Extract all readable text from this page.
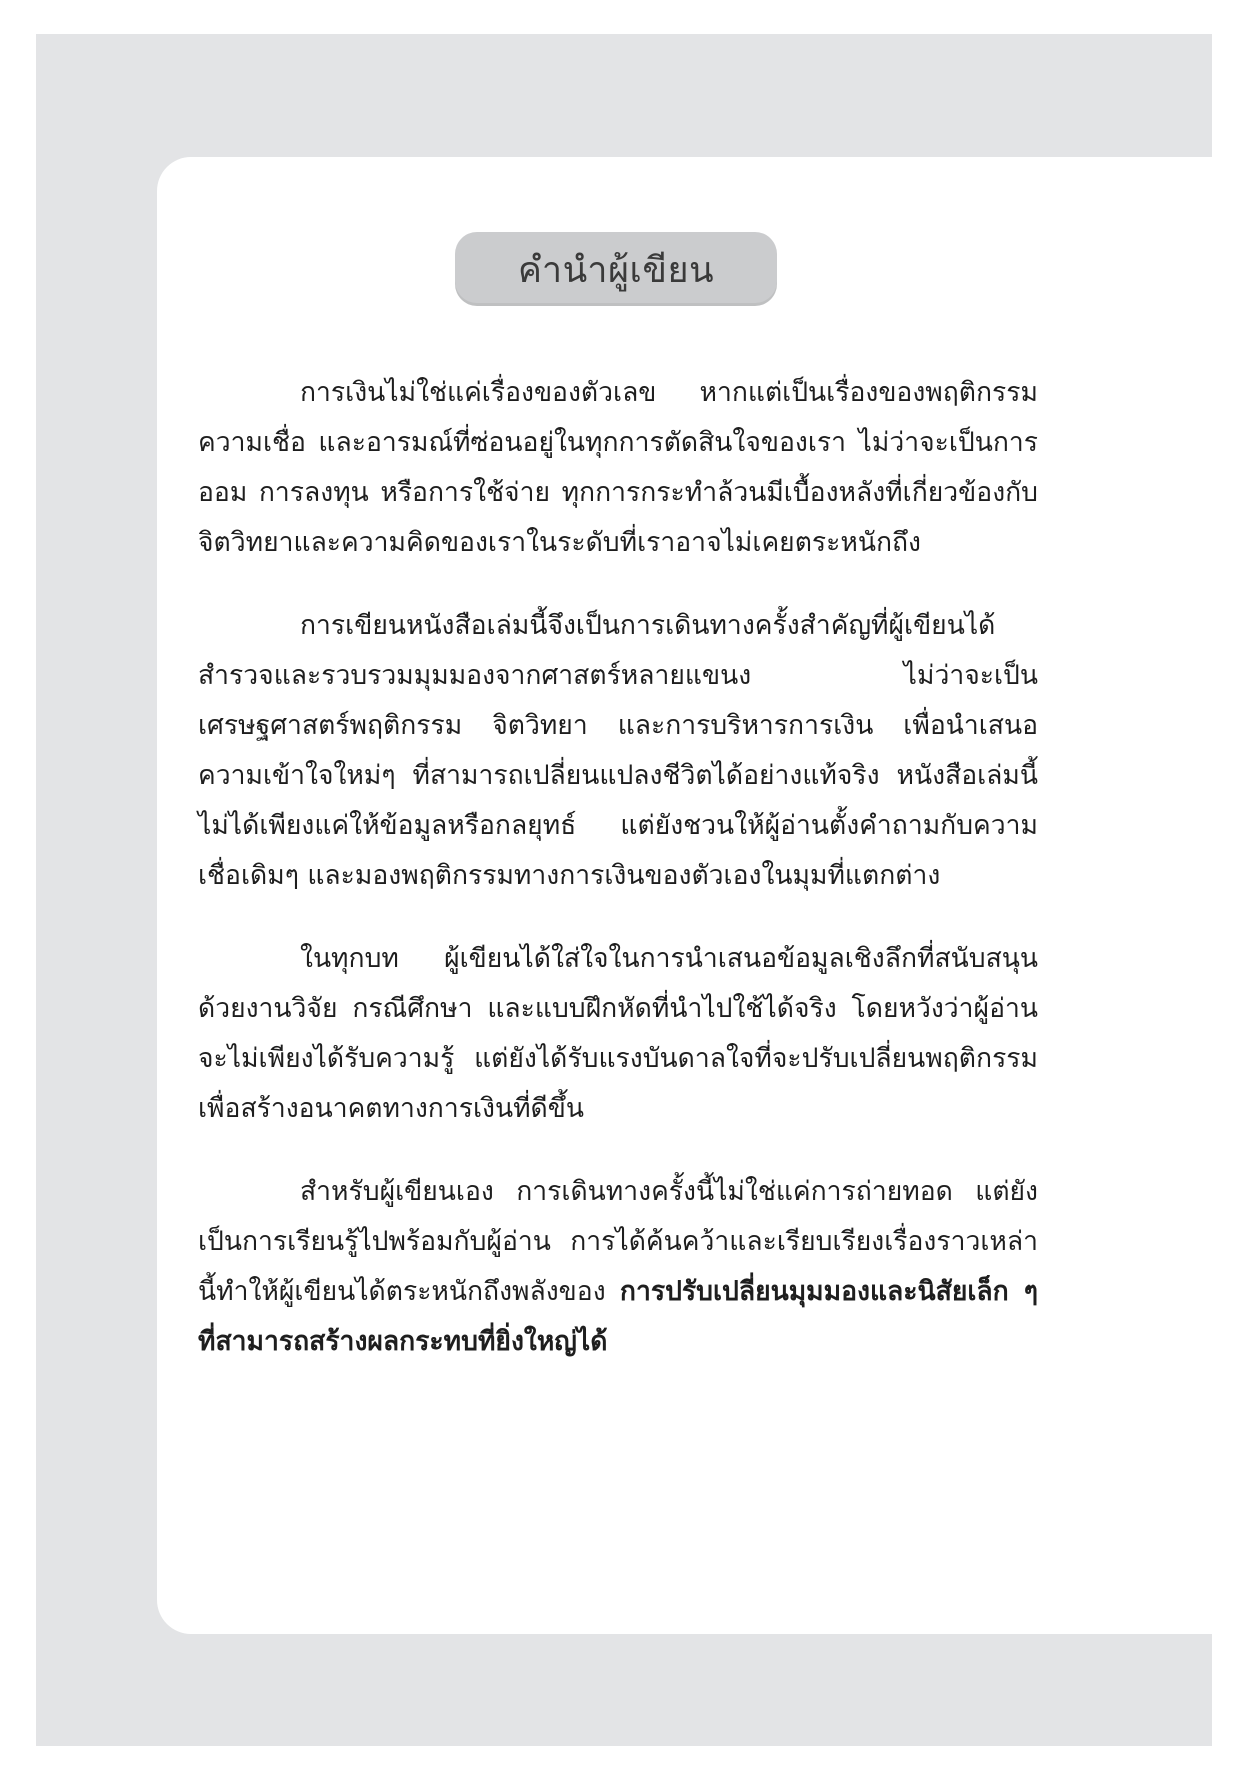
คำนำผู้เขียน

การเงินไม่ใช่แค่เรื่องของตัวเลข หากแต่เป็นเรื่องของพฤติกรรม ความเชื่อ และอารมณ์ที่ซ่อนอยู่ในทุกการตัดสินใจของเรา ไม่ว่าจะเป็นการออม การลงทุน หรือการใช้จ่าย ทุกการกระทำล้วนมีเบื้องหลังที่เกี่ยวข้องกับจิตวิทยาและความคิดของเราในระดับที่เราอาจไม่เคยตระหนักถึง

การเขียนหนังสือเล่มนี้จึงเป็นการเดินทางครั้งสำคัญที่ผู้เขียนได้สำรวจและรวบรวมมุมมองจากศาสตร์หลายแขนง ไม่ว่าจะเป็นเศรษฐศาสตร์พฤติกรรม จิตวิทยา และการบริหารการเงิน เพื่อนำเสนอความเข้าใจใหม่ๆ ที่สามารถเปลี่ยนแปลงชีวิตได้อย่างแท้จริง หนังสือเล่มนี้ไม่ได้เพียงแค่ให้ข้อมูลหรือกลยุทธ์ แต่ยังชวนให้ผู้อ่านตั้งคำถามกับความเชื่อเดิมๆ และมองพฤติกรรมทางการเงินของตัวเองในมุมที่แตกต่าง

ในทุกบท ผู้เขียนได้ใส่ใจในการนำเสนอข้อมูลเชิงลึกที่สนับสนุนด้วยงานวิจัย กรณีศึกษา และแบบฝึกหัดที่นำไปใช้ได้จริง โดยหวังว่าผู้อ่านจะไม่เพียงได้รับความรู้ แต่ยังได้รับแรงบันดาลใจที่จะปรับเปลี่ยนพฤติกรรมเพื่อสร้างอนาคตทางการเงินที่ดีขึ้น

สำหรับผู้เขียนเอง การเดินทางครั้งนี้ไม่ใช่แค่การถ่ายทอด แต่ยังเป็นการเรียนรู้ไปพร้อมกับผู้อ่าน การได้ค้นคว้าและเรียบเรียงเรื่องราวเหล่านี้ทำให้ผู้เขียนได้ตระหนักถึงพลังของ การปรับเปลี่ยนมุมมองและนิสัยเล็ก ๆ ที่สามารถสร้างผลกระทบที่ยิ่งใหญ่ได้
